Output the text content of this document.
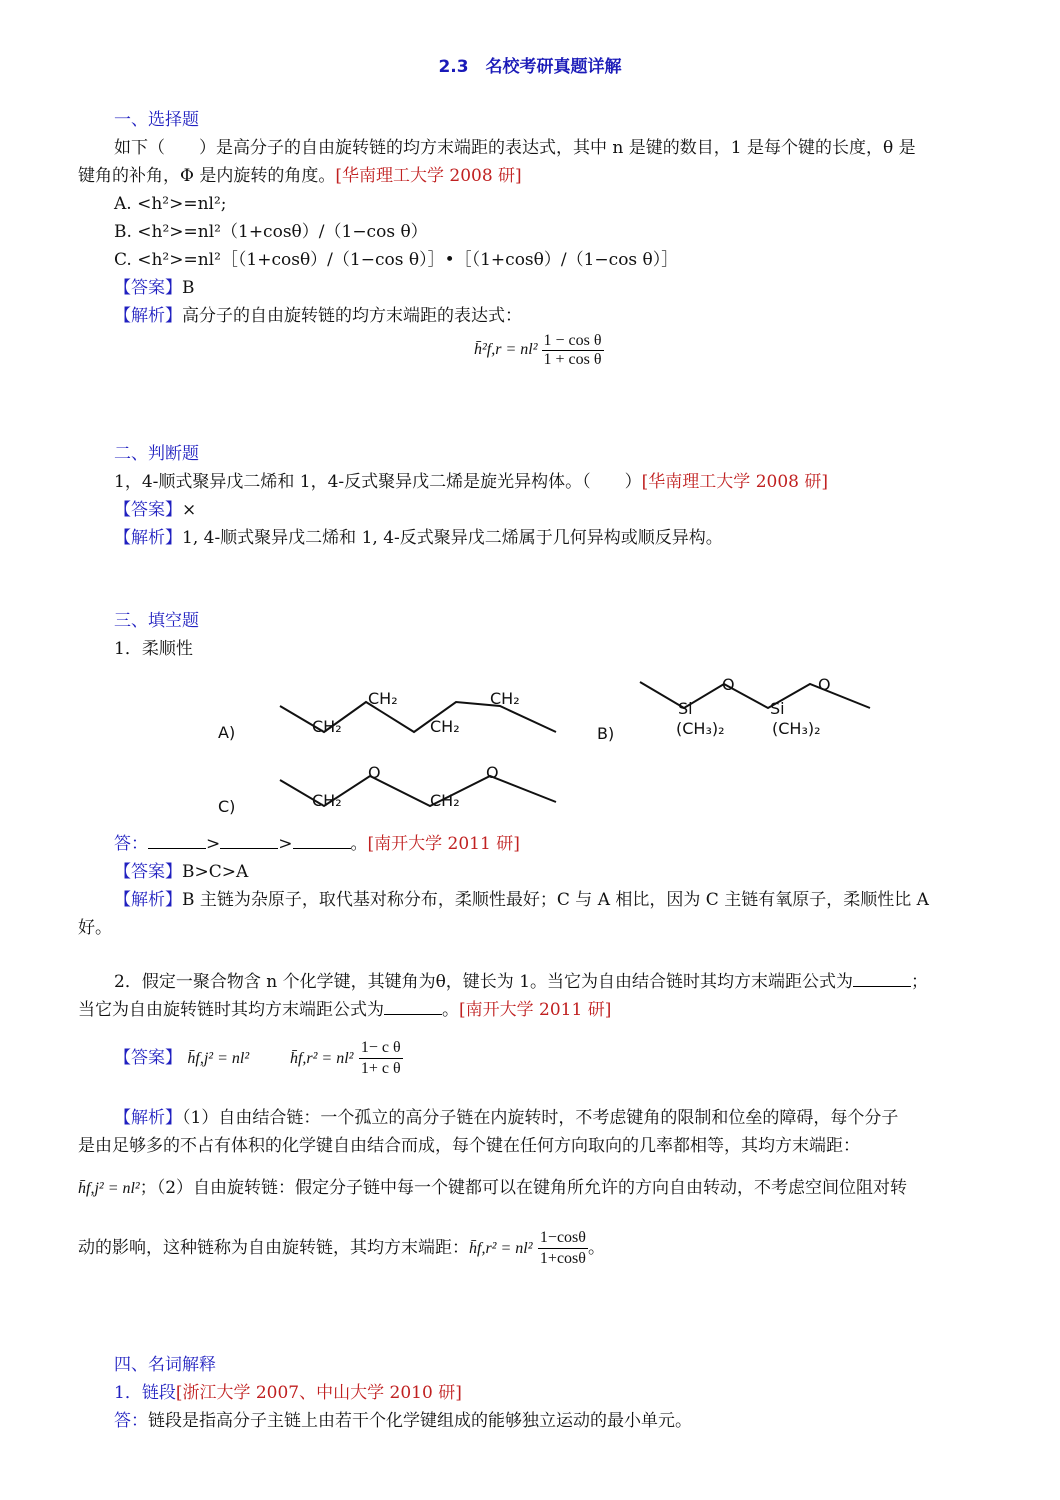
2.3　名校考研真题详解
一、选择题
如下（　　）是高分子的自由旋转链的均方末端距的表达式，其中 n 是键的数目，1 是每个键的长度，θ 是
键角的补角，Φ 是内旋转的角度。[华南理工大学 2008 研]
A. <h²>=nl²;
B. <h²>=nl²（1+cosθ）/（1−cos θ）
C. <h²>=nl²［（1+cosθ）/（1−cos θ）］•［（1+cosθ）/（1−cos θ）］
【答案】B
【解析】高分子的自由旋转链的均方末端距的表达式：
h̄²f,r = $nl^2 \frac{\text{1 − cos θ}}{\text{1 + cos θ}}$
二、判断题
1，4-顺式聚异戊二烯和 1，4-反式聚异戊二烯是旋光异构体。（　　）[华南理工大学 2008 研]
【答案】×
【解析】1, 4-顺式聚异戊二烯和 1, 4-反式聚异戊二烯属于几何异构或顺反异构。
三、填空题
1．柔顺性
A)	CH₂
CH₂
CH₂
CH₂
B)
Si
O
Si
O
(CH₃)₂	(CH₃)₂
C)	CH₂
O
CH₂
O
答：	>	>	。[南开大学 2011 研]
【答案】B>C>A
【解析】B 主链为杂原子，取代基对称分布，柔顺性最好；C 与 A 相比，因为 C 主链有氧原子，柔顺性比 A
好。
2．假定一聚合物含 n 个化学键，其键角为θ，键长为 1。当它为自由结合链时其均方末端距公式为	；
当它为自由旋转链时其均方末端距公式为	。[南开大学 2011 研]
【答案】 h̄f,j² = nl²	h̄f,r² = $nl^2 \frac{\text{1− c θ}}{\text{1+ c θ}}$
【解析】（1）自由结合链：一个孤立的高分子链在内旋转时，不考虑键角的限制和位垒的障碍，每个分子
是由足够多的不占有体积的化学键自由结合而成，每个键在任何方向取向的几率都相等，其均方末端距：
h̄f,j² = nl²；（2）自由旋转链：假定分子链中每一个键都可以在键角所允许的方向自由转动，不考虑空间位阻对转
动的影响，这种链称为自由旋转链，其均方末端距：h̄f,r² = $nl^2 \frac{1-\cos\theta}{1+\cos\theta}$ 。
四、名词解释
1．链段[浙江大学 2007、中山大学 2010 研]
答：链段是指高分子主链上由若干个化学键组成的能够独立运动的最小单元。
